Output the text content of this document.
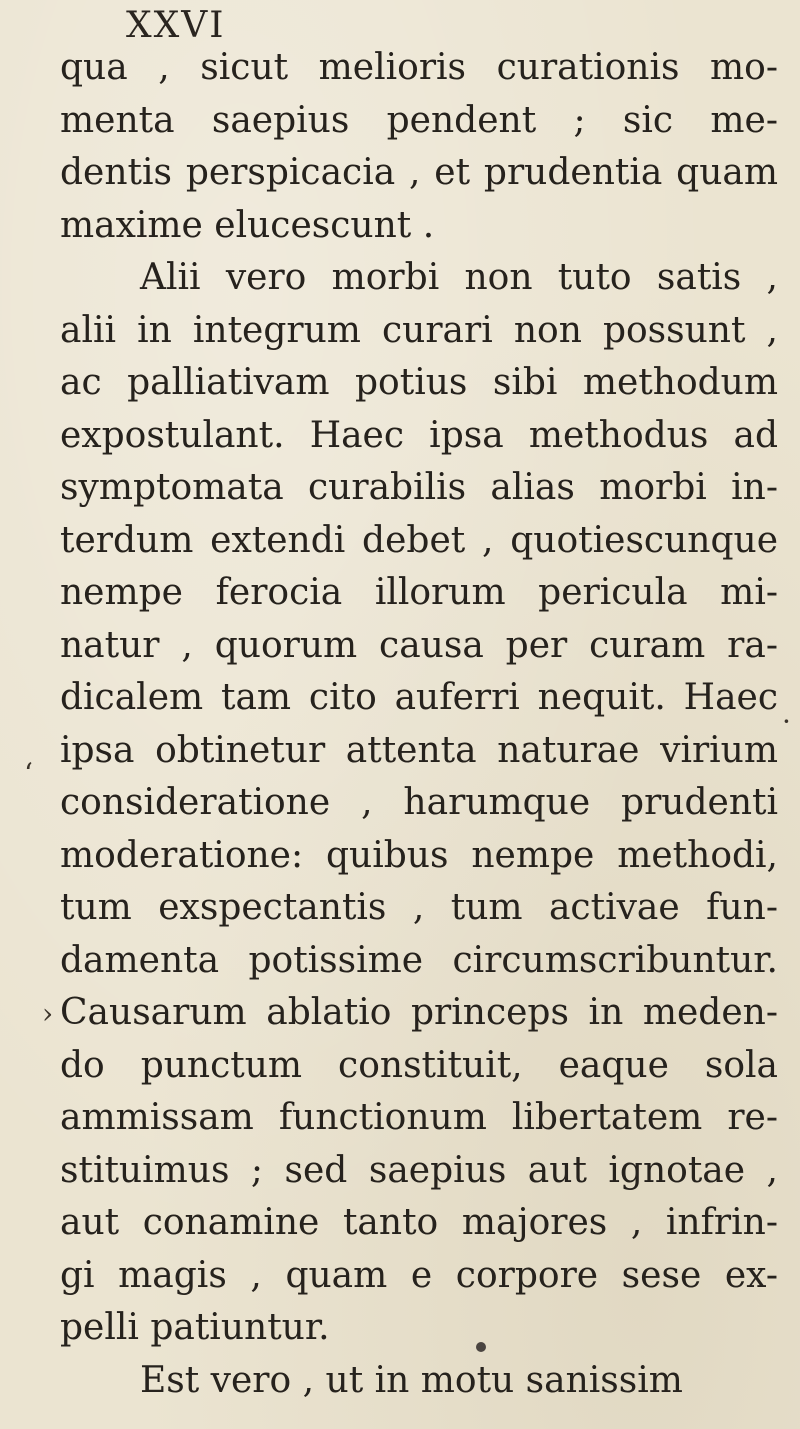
XXVI
qua , sicut melioris curationis mo-
menta saepius pendent ; sic me-
dentis perspicacia , et prudentia quam
maxime elucescunt .
Alii vero morbi non tuto satis ,
alii in integrum curari non possunt ,
ac palliativam potius sibi methodum
expostulant. Haec ipsa methodus ad
symptomata curabilis alias morbi in-
terdum extendi debet , quotiescunque
nempe ferocia illorum pericula mi-
natur , quorum causa per curam ra-
dicalem tam cito auferri nequit. Haec
ipsa obtinetur attenta naturae virium
consideratione , harumque prudenti
moderatione: quibus nempe methodi,
tum exspectantis , tum activae fun-
damenta potissime circumscribuntur.
Causarum ablatio princeps in meden-
do punctum constituit, eaque sola
ammissam functionum libertatem re-
stituimus ; sed saepius aut ignotae ,
aut conamine tanto majores , infrin-
gi magis , quam e corpore sese ex-
pelli patiuntur.
Est vero , ut in motu sanissim
‘
·
›
